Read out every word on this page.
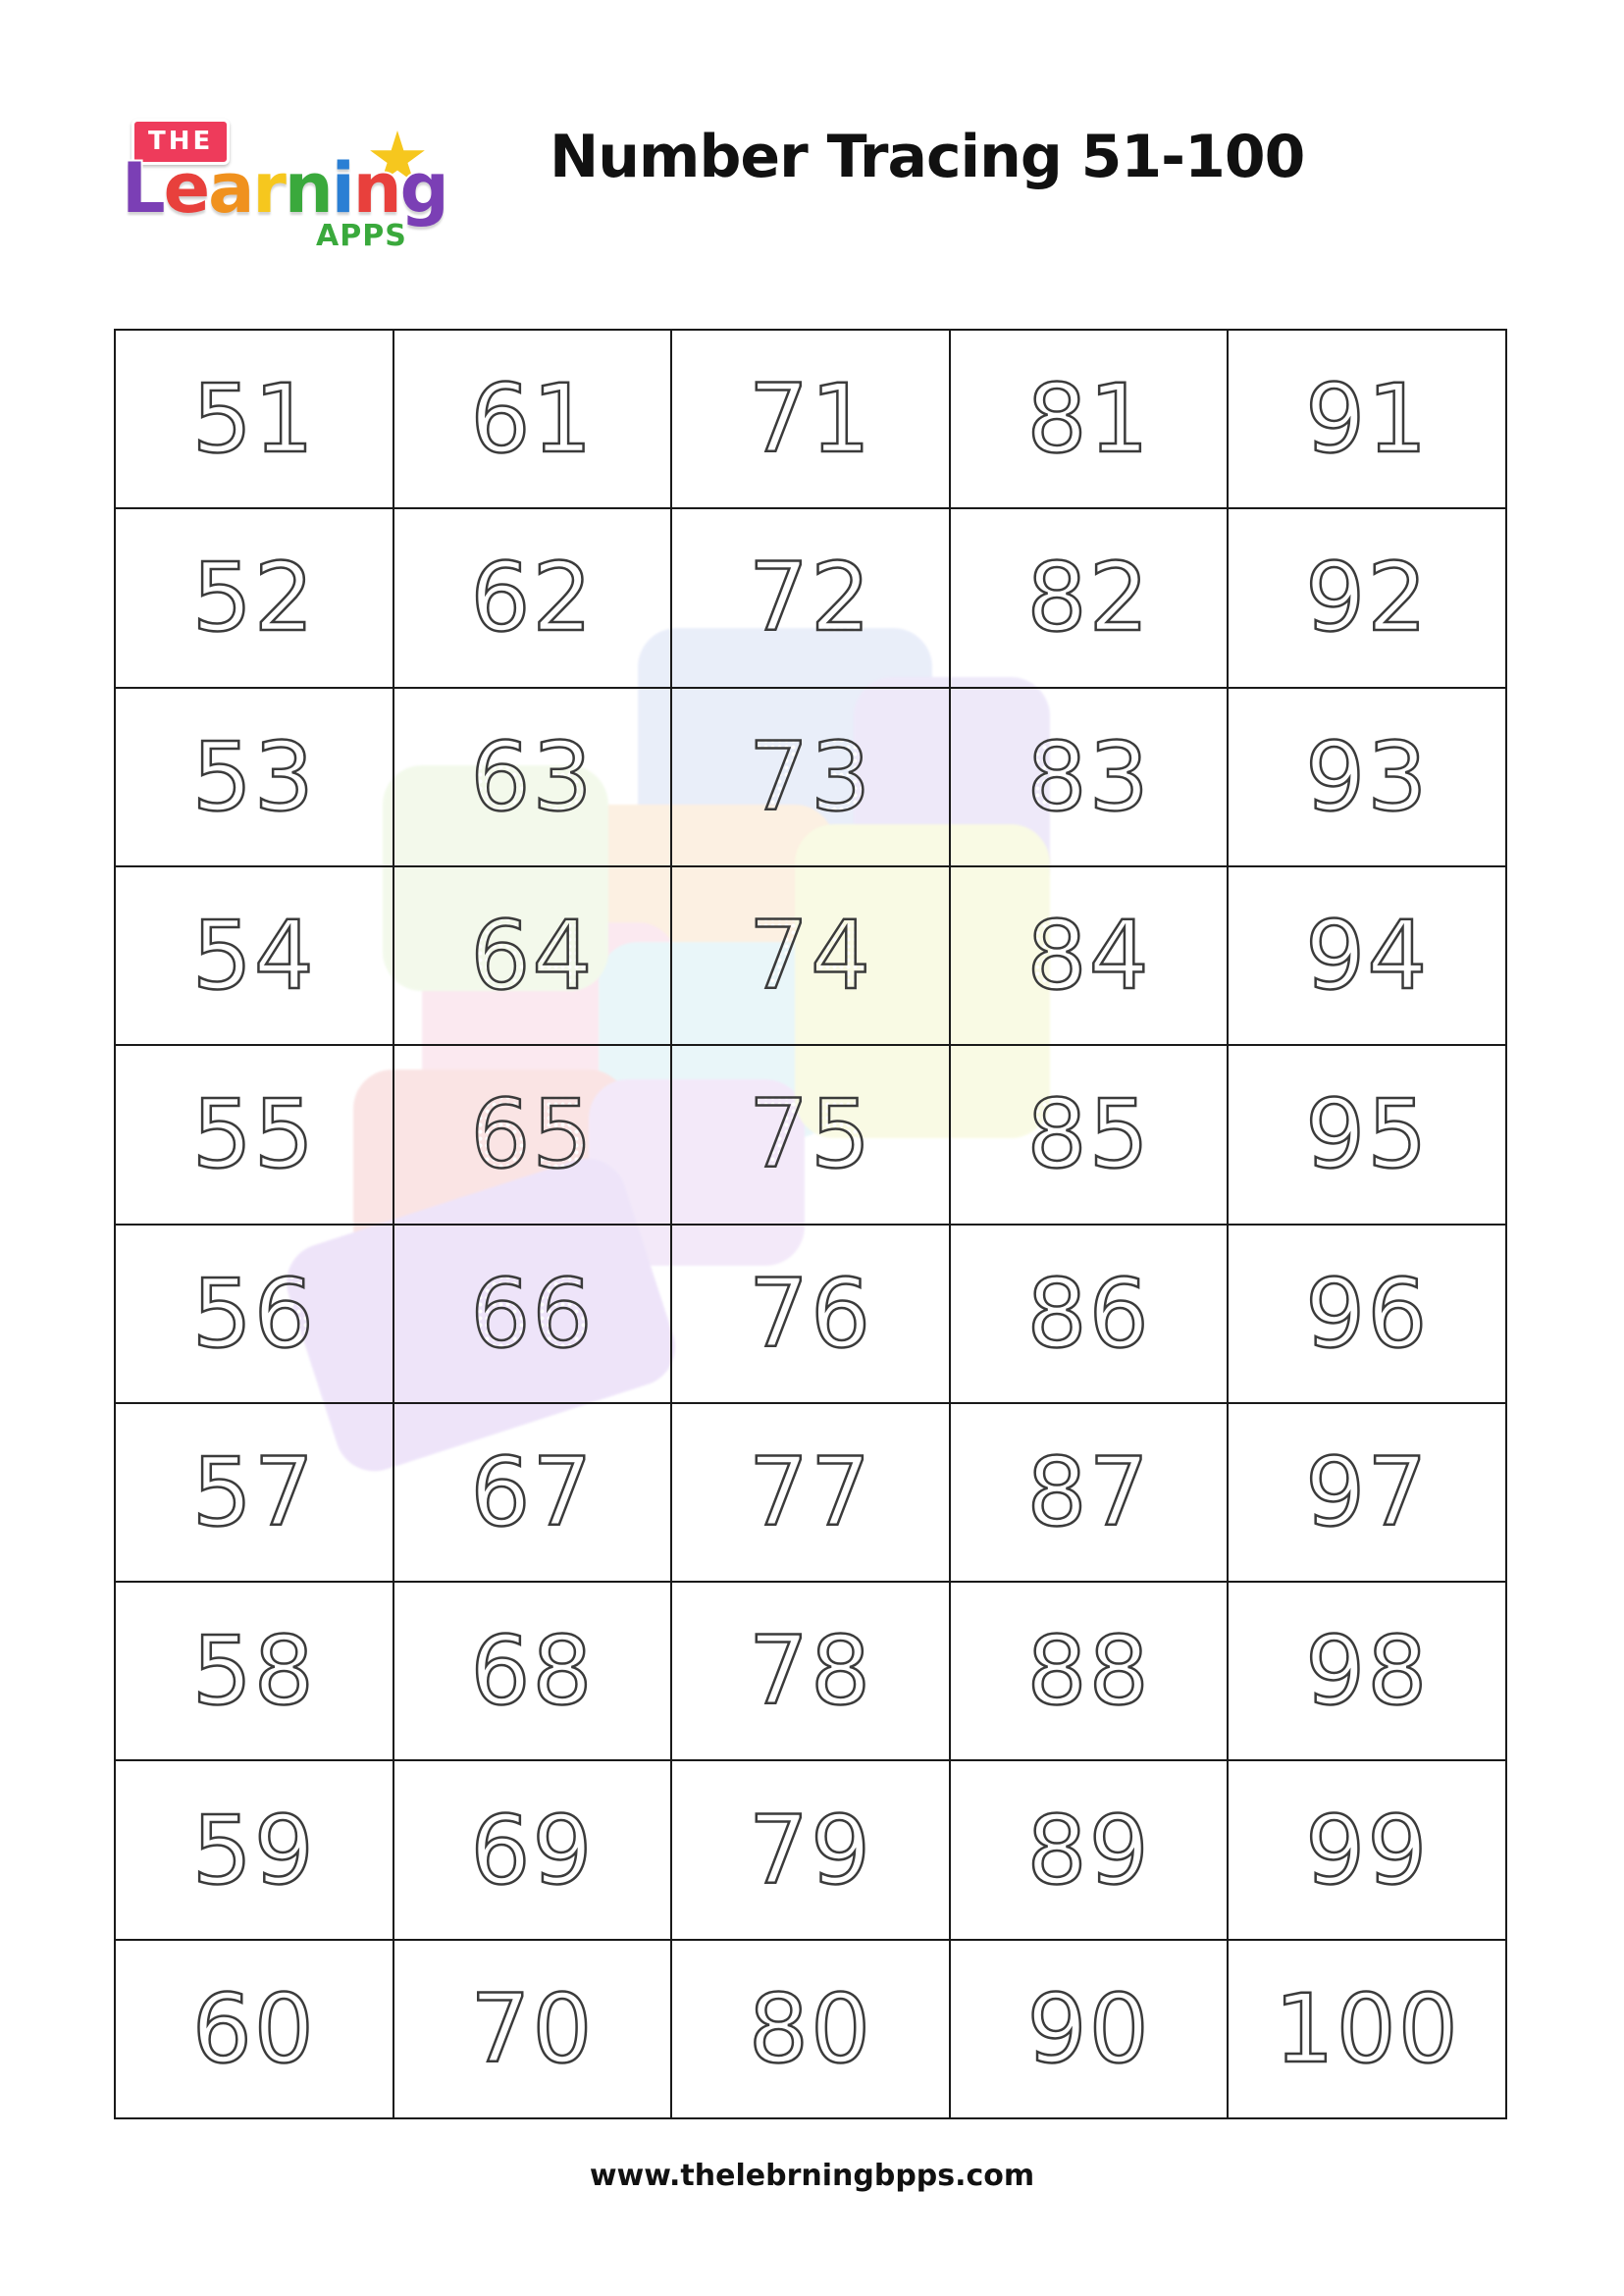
THE
Learning
APPS
Number Tracing 51-100
51 61 71 81 91
52 62 72 82 92
53 63 73 83 93
54 64 74 84 94
55 65 75 85 95
56 66 76 86 96
57 67 77 87 97
58 68 78 88 98
59 69 79 89 99
60 70 80 90 100
www.thelebrningbpps.com
